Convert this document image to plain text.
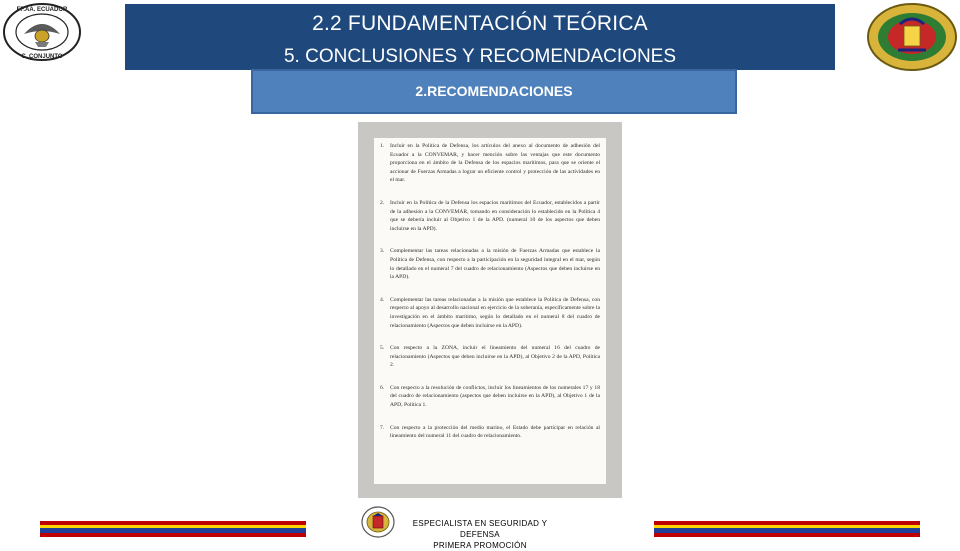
FF.AA. ECUADOR
C. CONJUNTO
2.2 FUNDAMENTACIÓN TEÓRICA
5. CONCLUSIONES Y RECOMENDACIONES
2.RECOMENDACIONES
1.	Incluir en la Política de Defensa, los artículos del anexo al documento de adhesión del Ecuador a la CONVEMAR, y hacer mención sobre las ventajas que este documento proporciona en el ámbito de la Defensa de los espacios marítimos, para que se oriente el accionar de Fuerzas Armadas a lograr un eficiente control y protección de las actividades en el mar.
2.	Incluir en la Política de la Defensa los espacios marítimos del Ecuador, establecidos a partir de la adhesión a la CONVEMAR, tomando en consideración lo establecido en la Política 4 que se debería incluir al Objetivo 1 de la APD. (numeral 10 de los aspectos que deben incluirse en la APD).
3.	Complementar las tareas relacionadas a la misión de Fuerzas Armadas que establece la Política de Defensa, con respecto a la participación en la seguridad integral en el mar, según lo detallado en el numeral 7 del cuadro de relacionamiento (Aspectos que deben incluirse en la APD).
4.	Complementar las tareas relacionadas a la misión que establece la Política de Defensa, con respecto al apoyo al desarrollo nacional en ejercicio de la soberanía, específicamente sobre la investigación en el ámbito marítimo, según lo detallado en el numeral 8 del cuadro de relacionamiento (Aspectos que deben incluirse en la APD).
5.	Con respecto a la ZONA, incluir el lineamiento del numeral 16 del cuadro de relacionamiento (Aspectos que deben incluirse en la APD), al Objetivo 2 de la APD, Política 2.
6.	Con respecto a la resolución de conflictos, incluir los lineamientos de los numerales 17 y 18 del cuadro de relacionamiento (aspectos que deben incluirse en la APD), al Objetivo 1 de la APD, Política 1.
7.	Con respecto a la protección del medio marino, el Estado debe participar en relación al lineamiento del numeral 11 del cuadro de relacionamiento.
ESPECIALISTA EN SEGURIDAD Y DEFENSA
PRIMERA PROMOCIÓN
